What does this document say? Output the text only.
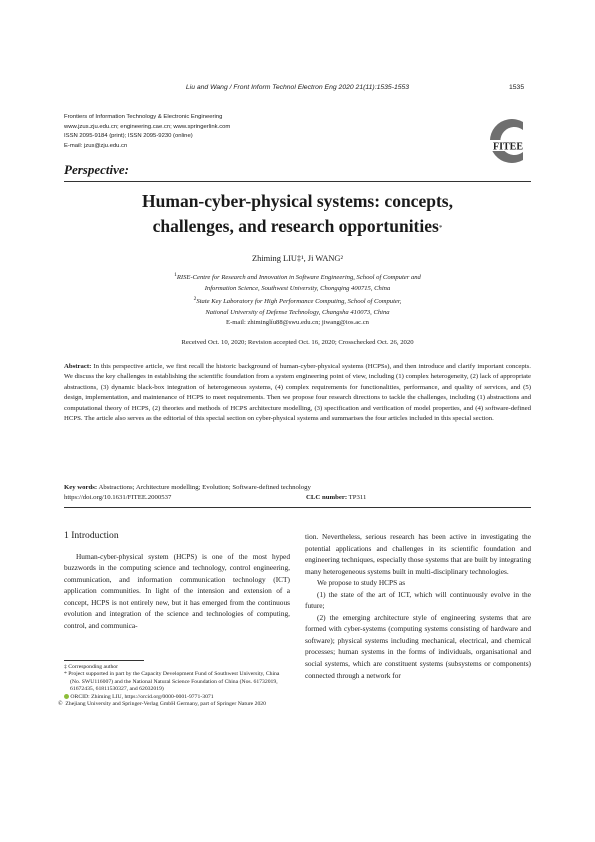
Liu and Wang / Front Inform Technol Electron Eng 2020 21(11):1535-1553	1535
Frontiers of Information Technology & Electronic Engineering
www.jzus.zju.edu.cn; engineering.cae.cn; www.springerlink.com
ISSN 2095-9184 (print); ISSN 2095-9230 (online)
E-mail: jzus@zju.edu.cn	FITEE
Perspective:
Human-cyber-physical systems: concepts,
challenges, and research opportunities*
Zhiming LIU‡¹, Ji WANG²
$^1$RISE-Centre for Research and Innovation in Software Engineering, School of Computer and
Information Science, Southwest University, Chongqing 400715, China
$^2$State Key Laboratory for High Performance Computing, School of Computer,
National University of Defense Technology, Changsha 410073, China
E-mail: zhiminglíu88@swu.edu.cn; jiwang@ios.ac.cn
Received Oct. 10, 2020; Revision accepted Oct. 16, 2020; Crosschecked Oct. 26, 2020
Abstract: In this perspective article, we first recall the historic background of human-cyber-physical systems (HCPSs), and then introduce and clarify important concepts. We discuss the key challenges in establishing the scientific foundation from a system engineering point of view, including (1) complex heterogeneity, (2) lack of appropriate abstractions, (3) dynamic black-box integration of heterogeneous systems, (4) complex requirements for functionalities, performance, and quality of services, and (5) design, implementation, and maintenance of HCPS to meet requirements. Then we propose four research directions to tackle the challenges, including (1) abstractions and computational theory of HCPS, (2) theories and methods of HCPS architecture modelling, (3) specification and verification of model properties, and (4) software-defined HCPS. The article also serves as the editorial of this special section on cyber-physical systems and summarises the four articles included in this special section.
Key words: Abstractions; Architecture modelling; Evolution; Software-defined technology
https://doi.org/10.1631/FITEE.2000537	CLC number: TP311
1 Introduction

Human-cyber-physical system (HCPS) is one of the most hyped buzzwords in the computing science and technology, control engineering, communication, and information communication technology (ICT) application communities. In light of the intension and extension of a concept, HCPS is not entirely new, but it has emerged from the continuous evolution and integration of the science and technologies of computing, control, and communica-

tion. Nevertheless, serious research has been active in investigating the potential applications and challenges in its scientific foundation and engineering techniques, especially those systems that are built by integrating many heterogeneous systems built in multi-disciplinary technologies.

We propose to study HCPS as

(1) the state of the art of ICT, which will continuously evolve in the future;

(2) the emerging architecture style of engineering systems that are formed with cyber-systems (computing systems consisting of hardware and software); physical systems including mechanical, electrical, and chemical processes; human systems in the forms of individuals, organisational and social systems, which are constituent systems (subsystems or components) connected through a network for

‡ Corresponding author
* Project supported in part by the Capacity Development Fund of Southwest University, China (No. SWU116007) and the National Natural Science Foundation of China (Nos. 61732019, 61672435, 61811530327, and 62032019)
ORCID: Zhiming LIU, https://orcid.org/0000-0001-9771-3071
© Zhejiang University and Springer-Verlag GmbH Germany, part of Springer Nature 2020
